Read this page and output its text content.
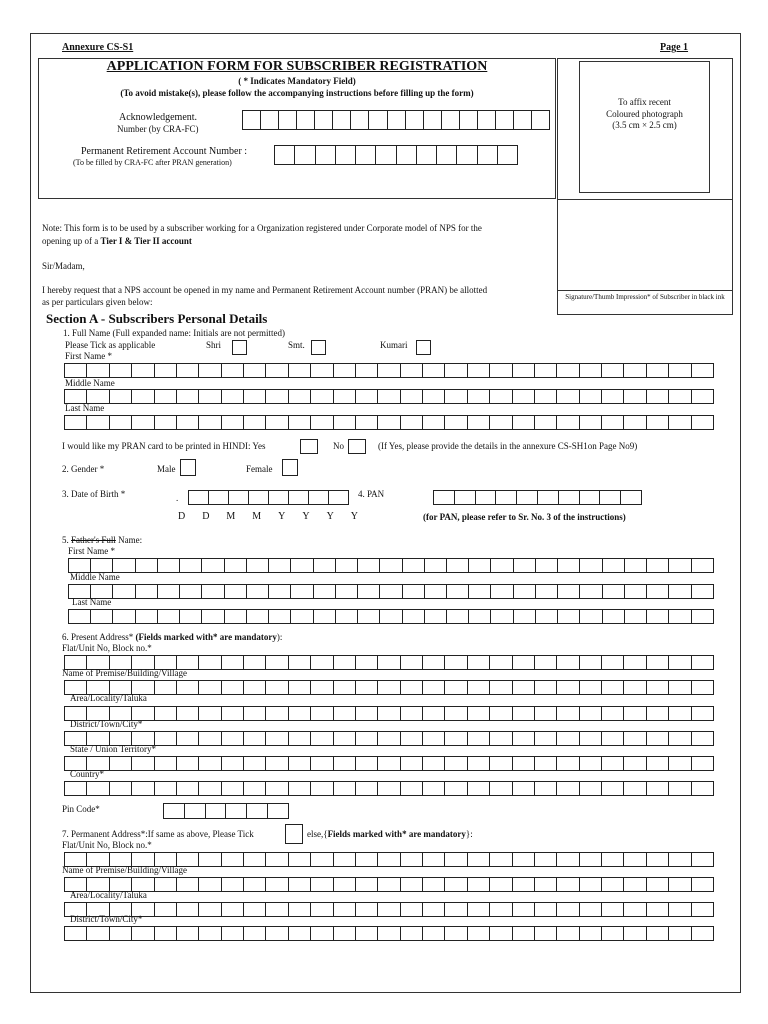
Annexure CS-S1	Page 1
APPLICATION FORM FOR SUBSCRIBER REGISTRATION
( * Indicates Mandatory Field)
(To avoid mistake(s), please follow the accompanying instructions before filling up the form)
Acknowledgement.
Number (by CRA-FC)
Permanent Retirement Account Number :
(To be filled by CRA-FC after PRAN generation)
To affix recent
Coloured photograph
(3.5 cm × 2.5 cm)
Signature/Thumb Impression* of Subscriber in black ink
Note: This form is to be used by a subscriber working for a Organization registered under Corporate model of NPS for the
opening up of a Tier I & Tier II account
Sir/Madam,
I hereby request that a NPS account be opened in my name and Permanent Retirement Account number (PRAN) be allotted
as per particulars given below:
Section A - Subscribers Personal Details
1. Full Name (Full expanded name: Initials are not permitted)
Please Tick as applicable	Shri	Smt.	Kumari
First Name *
Middle Name
Last Name
I would like my PRAN card to be printed in HINDI: Yes	No	(If Yes, please provide the details in the annexure CS-SH1on Page No9)
2. Gender *	Male	Female
3. Date of Birth *	.
D D M M Y Y Y Y
4. PAN
(for PAN, please refer to Sr. No. 3 of the instructions)
5. Father's Full Name:
First Name *
Middle Name
Last Name
6. Present Address* (Fields marked with* are mandatory):
Flat/Unit No, Block no.*
Name of Premise/Building/Village
Area/Locality/Taluka
District/Town/City*
State / Union Territory*
Country*
Pin Code*
7. Permanent Address*:If same as above, Please Tick	else,{Fields marked with* are mandatory}:
Flat/Unit No, Block no.*
Name of Premise/Building/Village
Area/Locality/Taluka
District/Town/City*
